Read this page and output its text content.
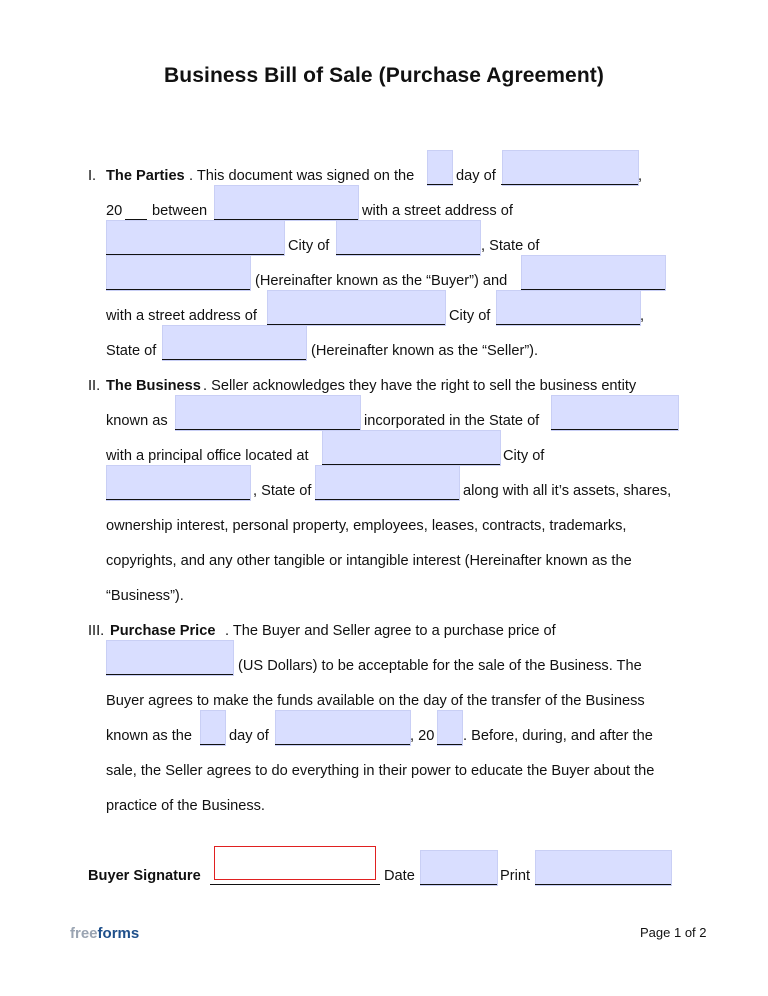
Business Bill of Sale (Purchase Agreement)
I. The Parties . This document was signed on the	day of	,
20 between	with a street address of
City of	, State of
(Hereinafter known as the “Buyer”) and
with a street address of	City of	,
State of	(Hereinafter known as the “Seller”).
II. The Business . Seller acknowledges they have the right to sell the business entity
known as	incorporated in the State of
with a principal office located at	City of
, State of	along with all it’s assets, shares,
ownership interest, personal property, employees, leases, contracts, trademarks,
copyrights, and any other tangible or intangible interest (Hereinafter known as the
“Business”).
III. Purchase Price . The Buyer and Seller agree to a purchase price of
(US Dollars) to be acceptable for the sale of the Business. The
Buyer agrees to make the funds available on the day of the transfer of the Business
known as the	day of	, 20 . Before, during, and after the
sale, the Seller agrees to do everything in their power to educate the Buyer about the
practice of the Business.
Buyer Signature	Date	Print
freeforms	Page 1 of 2
